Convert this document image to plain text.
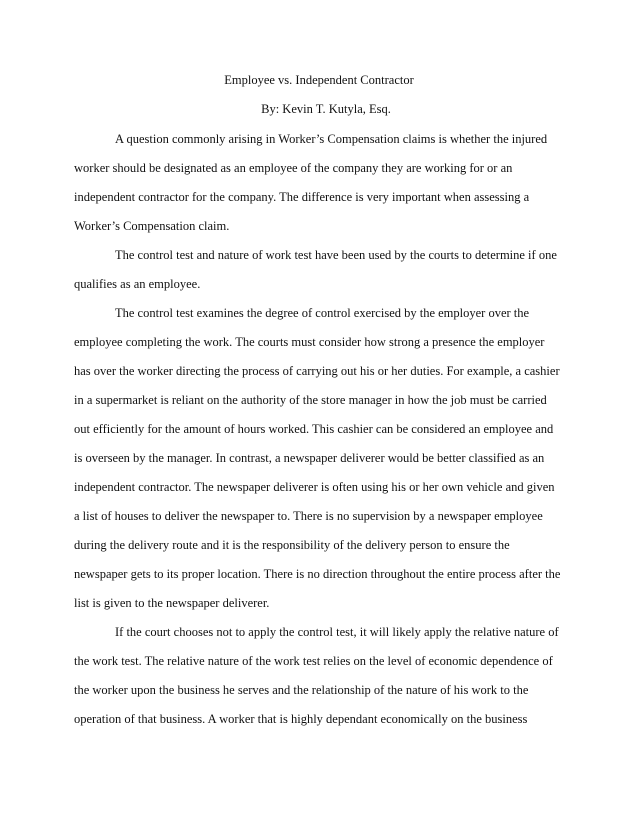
Employee vs. Independent Contractor
By: Kevin T. Kutyla, Esq.
A question commonly arising in Worker’s Compensation claims is whether the injured
worker should be designated as an employee of the company they are working for or an
independent contractor for the company. The difference is very important when assessing a
Worker’s Compensation claim.
The control test and nature of work test have been used by the courts to determine if one
qualifies as an employee.
The control test examines the degree of control exercised by the employer over the
employee completing the work. The courts must consider how strong a presence the employer
has over the worker directing the process of carrying out his or her duties. For example, a cashier
in a supermarket is reliant on the authority of the store manager in how the job must be carried
out efficiently for the amount of hours worked. This cashier can be considered an employee and
is overseen by the manager. In contrast, a newspaper deliverer would be better classified as an
independent contractor. The newspaper deliverer is often using his or her own vehicle and given
a list of houses to deliver the newspaper to. There is no supervision by a newspaper employee
during the delivery route and it is the responsibility of the delivery person to ensure the
newspaper gets to its proper location. There is no direction throughout the entire process after the
list is given to the newspaper deliverer.
If the court chooses not to apply the control test, it will likely apply the relative nature of
the work test. The relative nature of the work test relies on the level of economic dependence of
the worker upon the business he serves and the relationship of the nature of his work to the
operation of that business. A worker that is highly dependant economically on the business
